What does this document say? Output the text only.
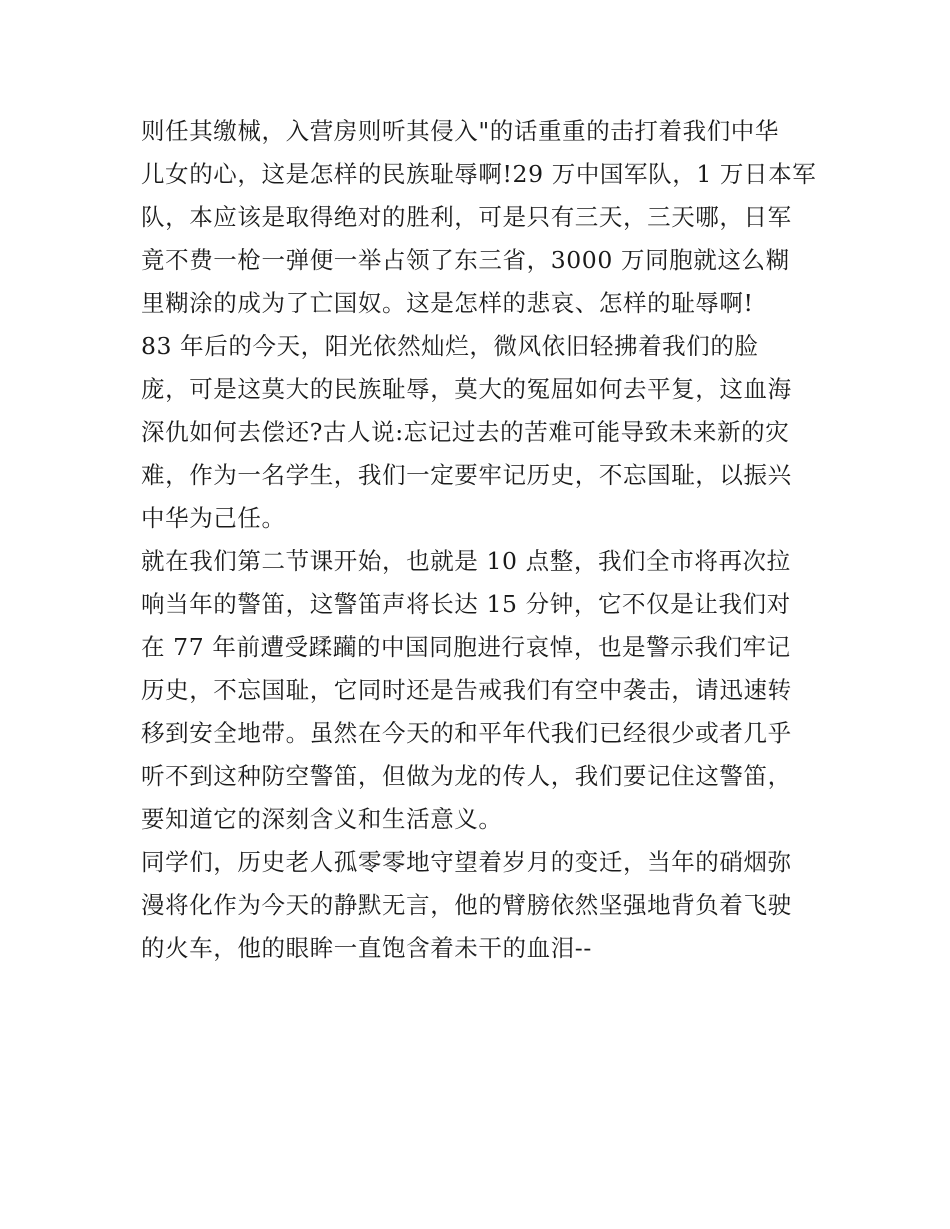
则任其缴械，入营房则听其侵入"的话重重的击打着我们中华
儿女的心，这是怎样的民族耻辱啊!29 万中国军队，1 万日本军
队，本应该是取得绝对的胜利，可是只有三天，三天哪，日军
竟不费一枪一弹便一举占领了东三省，3000 万同胞就这么糊
里糊涂的成为了亡国奴。这是怎样的悲哀、怎样的耻辱啊!
83 年后的今天，阳光依然灿烂，微风依旧轻拂着我们的脸
庞，可是这莫大的民族耻辱，莫大的冤屈如何去平复，这血海
深仇如何去偿还?古人说:忘记过去的苦难可能导致未来新的灾
难，作为一名学生，我们一定要牢记历史，不忘国耻，以振兴
中华为己任。
就在我们第二节课开始，也就是 10 点整，我们全市将再次拉
响当年的警笛，这警笛声将长达 15 分钟，它不仅是让我们对
在 77 年前遭受蹂躏的中国同胞进行哀悼，也是警示我们牢记
历史，不忘国耻，它同时还是告戒我们有空中袭击，请迅速转
移到安全地带。虽然在今天的和平年代我们已经很少或者几乎
听不到这种防空警笛，但做为龙的传人，我们要记住这警笛，
要知道它的深刻含义和生活意义。
同学们，历史老人孤零零地守望着岁月的变迁，当年的硝烟弥
漫将化作为今天的静默无言，他的臂膀依然坚强地背负着飞驶
的火车，他的眼眸一直饱含着未干的血泪--
